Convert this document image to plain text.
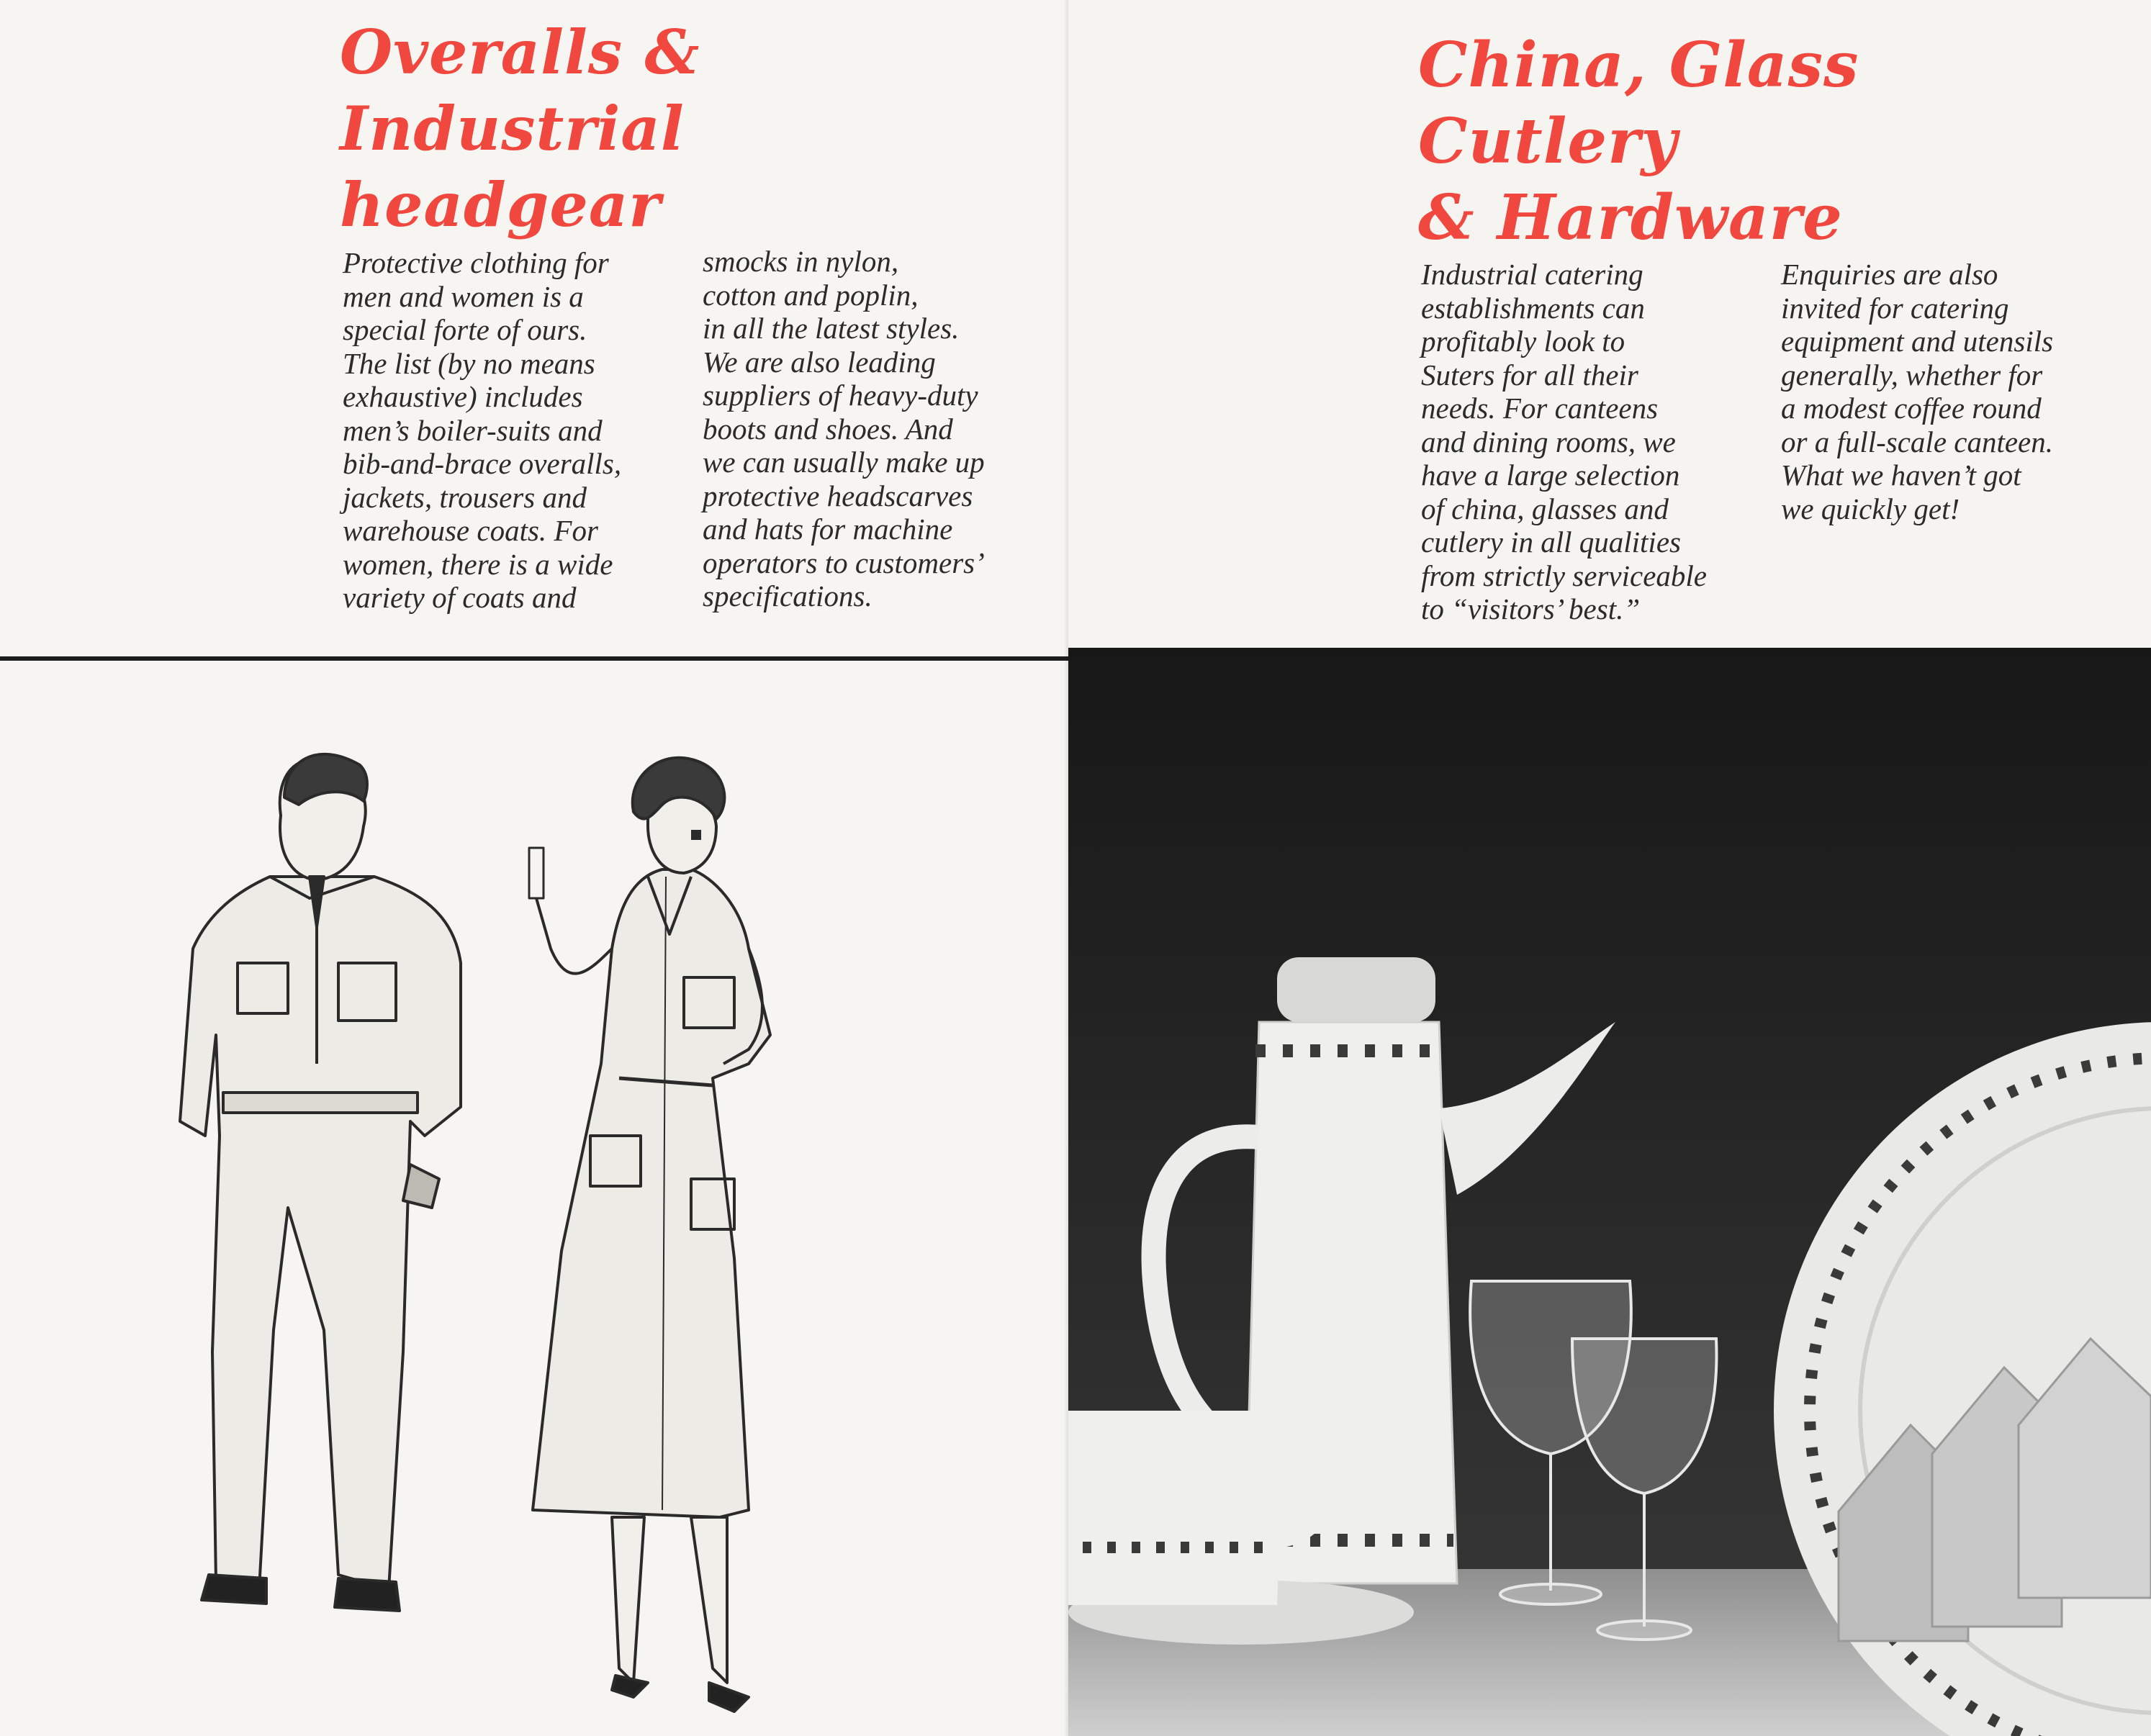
Overalls &
Industrial
headgear
Protective clothing for
men and women is a
special forte of ours.
The list (by no means
exhaustive) includes
men’s boiler-suits and
bib-and-brace overalls,
jackets, trousers and
warehouse coats. For
women, there is a wide
variety of coats and
smocks in nylon,
cotton and poplin,
in all the latest styles.
We are also leading
suppliers of heavy-duty
boots and shoes. And
we can usually make up
protective headscarves
and hats for machine
operators to customers’
specifications.
China, Glass
Cutlery
& Hardware
Industrial catering
establishments can
profitably look to
Suters for all their
needs. For canteens
and dining rooms, we
have a large selection
of china, glasses and
cutlery in all qualities
from strictly serviceable
to “visitors’ best.”
Enquiries are also
invited for catering
equipment and utensils
generally, whether for
a modest coffee round
or a full-scale canteen.
What we haven’t got
we quickly get!
